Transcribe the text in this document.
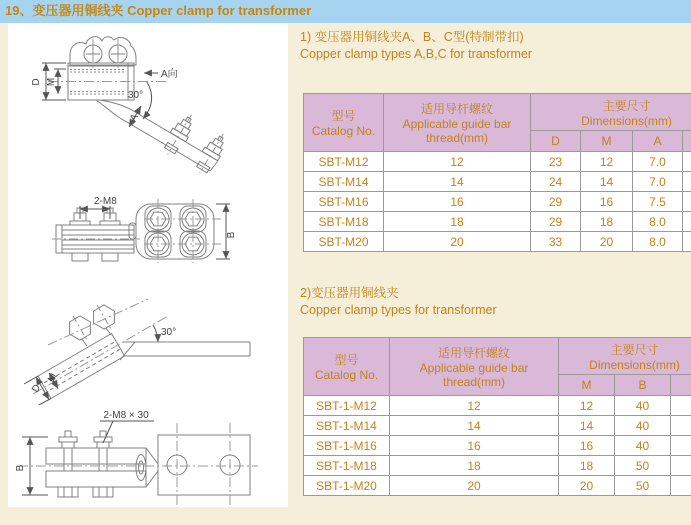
19、变压器用铜线夹 Copper clamp for transformer
D M
A向
30°
A
2-M8
B
D
M
30°
2-M8 × 30
B
1) 变压器用铜线夹A、B、C型(特制带扣)
Copper clamp types A,B,C for transformer
型号
Catalog No.

适用导杆螺纹
Applicable guide bar
thread(mm)

主要尺寸
Dimensions(mm)

		D	M	A	
SBT-M12	12	23	12	7.0	
SBT-M14	14	24	14	7.0	
SBT-M16	16	29	16	7.5	
SBT-M18	18	29	18	8.0	
SBT-M20	20	33	20	8.0	
2)变压器用铜线夹
Copper clamp types for transformer
型号
Catalog No.

适用导杆螺纹
Applicable guide bar
thread(mm)

主要尺寸
Dimensions(mm)

		M	B	
SBT-1-M12	12	12	40	
SBT-1-M14	14	14	40	
SBT-1-M16	16	16	40	
SBT-1-M18	18	18	50	
SBT-1-M20	20	20	50	
